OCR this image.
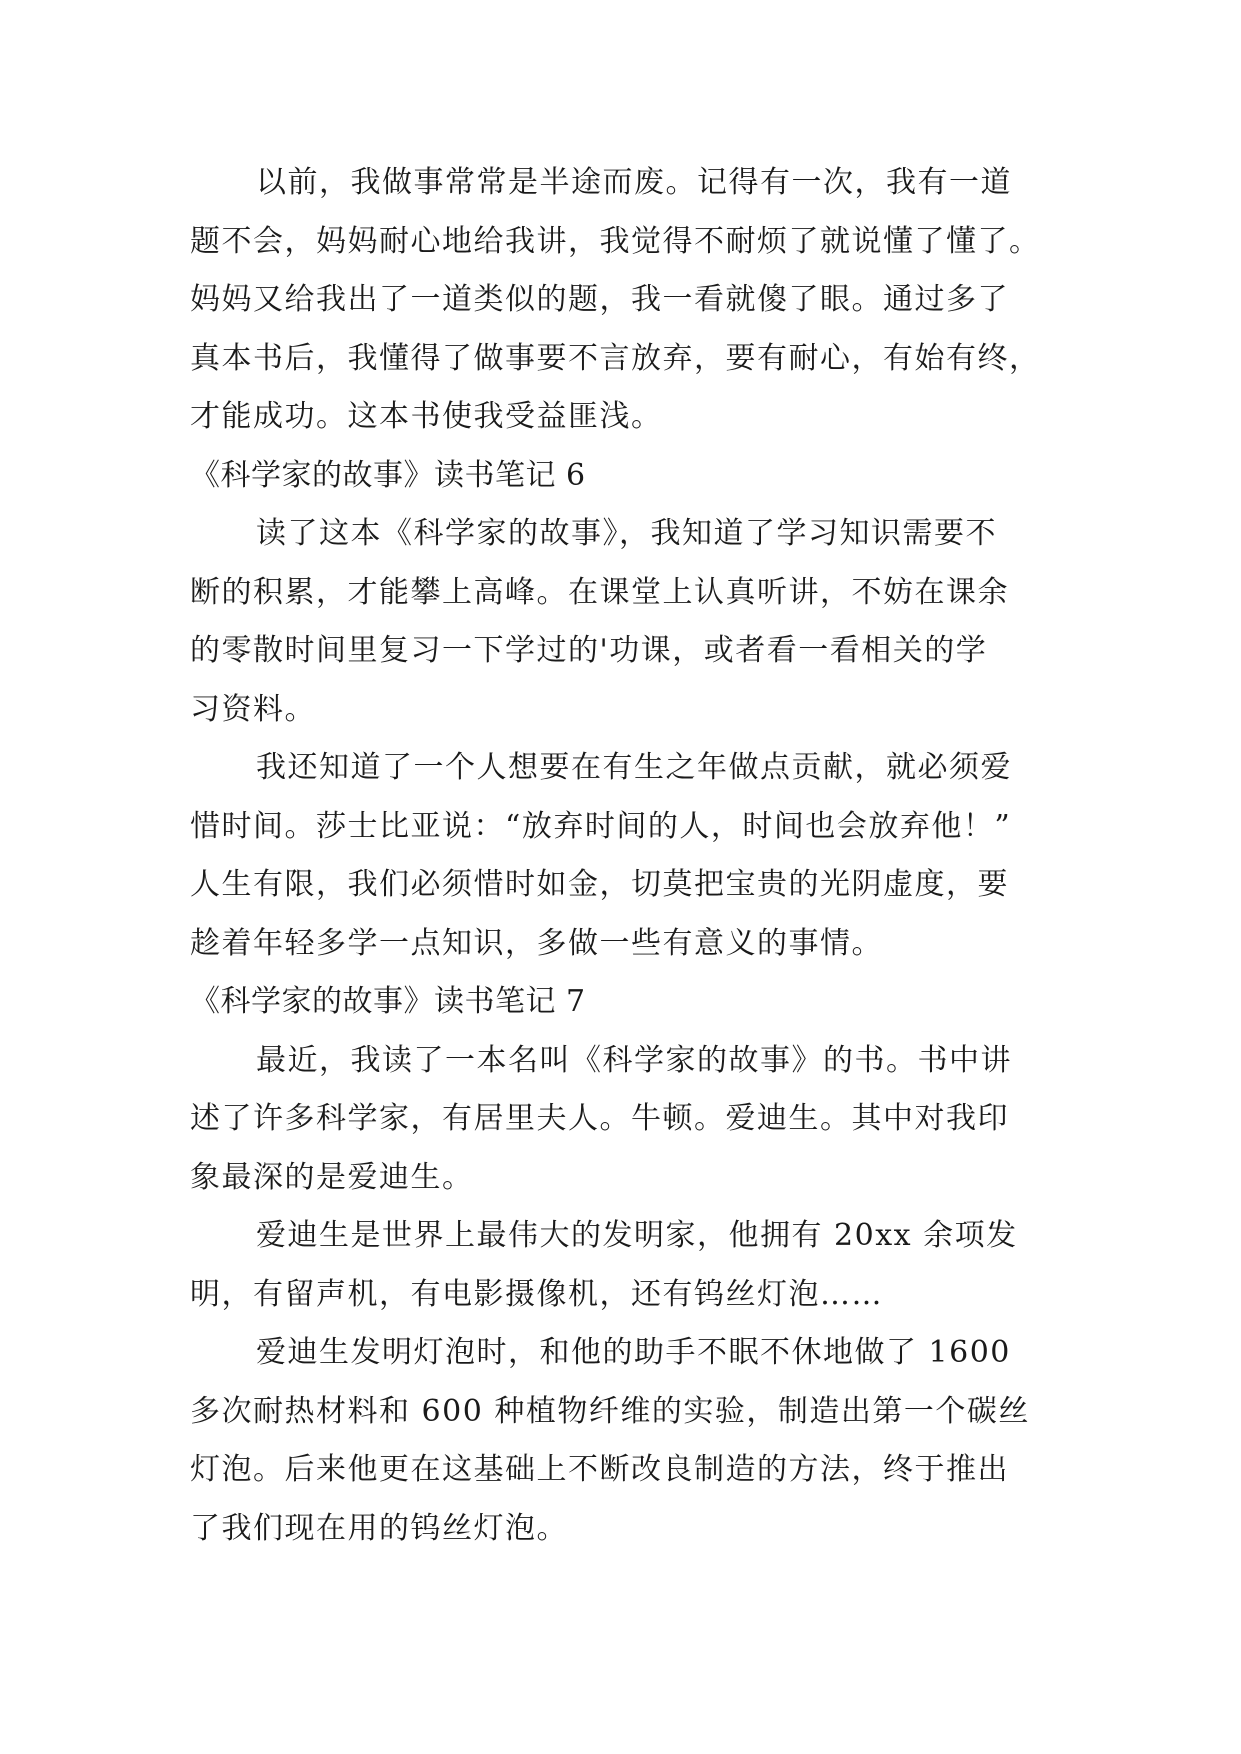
以前，我做事常常是半途而废。记得有一次，我有一道
题不会，妈妈耐心地给我讲，我觉得不耐烦了就说懂了懂了。
妈妈又给我出了一道类似的题，我一看就傻了眼。通过多了
真本书后，我懂得了做事要不言放弃，要有耐心，有始有终，
才能成功。这本书使我受益匪浅。
《科学家的故事》读书笔记 6
读了这本《科学家的故事》，我知道了学习知识需要不
断的积累，才能攀上高峰。在课堂上认真听讲，不妨在课余
的零散时间里复习一下学过的'功课，或者看一看相关的学
习资料。
我还知道了一个人想要在有生之年做点贡献，就必须爱
惜时间。莎士比亚说：“放弃时间的人，时间也会放弃他！”
人生有限，我们必须惜时如金，切莫把宝贵的光阴虚度，要
趁着年轻多学一点知识，多做一些有意义的事情。
《科学家的故事》读书笔记 7
最近，我读了一本名叫《科学家的故事》的书。书中讲
述了许多科学家，有居里夫人。牛顿。爱迪生。其中对我印
象最深的是爱迪生。
爱迪生是世界上最伟大的发明家，他拥有 20xx 余项发
明，有留声机，有电影摄像机，还有钨丝灯泡……
爱迪生发明灯泡时，和他的助手不眠不休地做了 1600
多次耐热材料和 600 种植物纤维的实验，制造出第一个碳丝
灯泡。后来他更在这基础上不断改良制造的方法，终于推出
了我们现在用的钨丝灯泡。
